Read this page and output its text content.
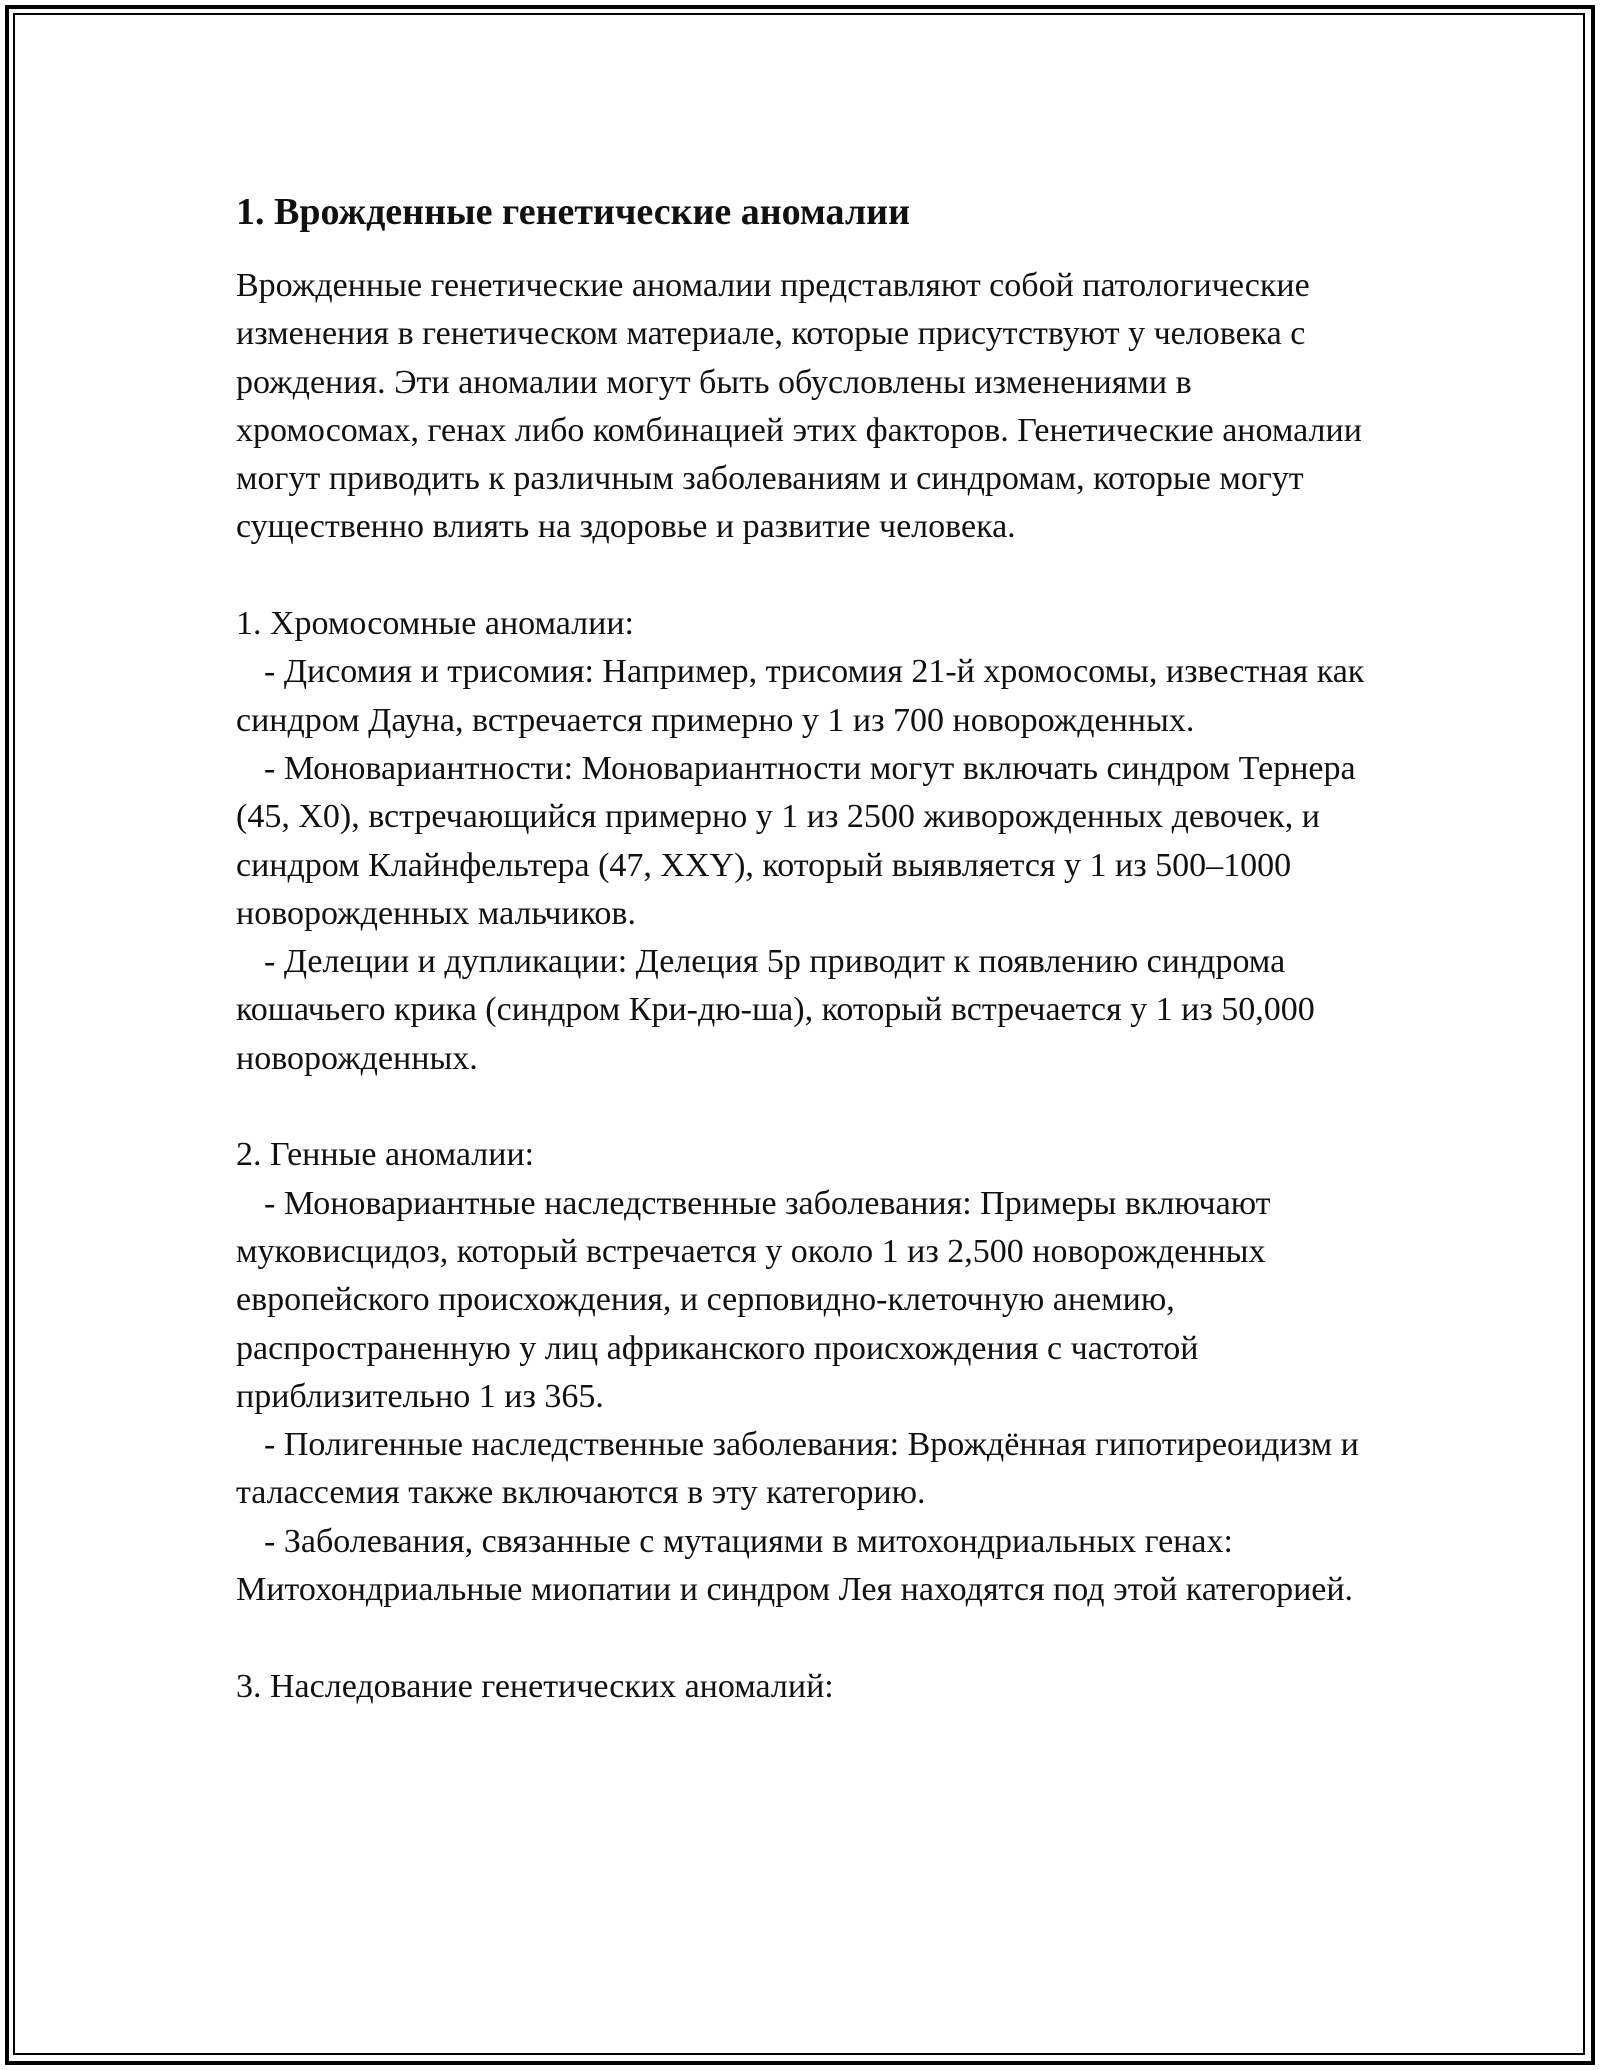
1. Врожденные генетические аномалии

Врожденные генетические аномалии представляют собой патологические изменения в генетическом материале, которые присутствуют у человека с рождения. Эти аномалии могут быть обусловлены изменениями в хромосомах, генах либо комбинацией этих факторов. Генетические аномалии могут приводить к различным заболеваниям и синдромам, которые могут существенно влиять на здоровье и развитие человека.

1. Хромосомные аномалии:

- Дисомия и трисомия: Например, трисомия 21-й хромосомы, известная как синдром Дауна, встречается примерно у 1 из 700 новорожденных.

- Моновариантности: Моновариантности могут включать синдром Тернера (45, X0), встречающийся примерно у 1 из 2500 живорожденных девочек, и синдром Клайнфельтера (47, XXY), который выявляется у 1 из 500–1000 новорожденных мальчиков.

- Делеции и дупликации: Делеция 5p приводит к появлению синдрома кошачьего крика (синдром Кри-дю-ша), который встречается у 1 из 50,000 новорожденных.

2. Генные аномалии:

- Моновариантные наследственные заболевания: Примеры включают муковисцидоз, который встречается у около 1 из 2,500 новорожденных европейского происхождения, и серповидно-клеточную анемию, распространенную у лиц африканского происхождения с частотой приблизительно 1 из 365.

- Полигенные наследственные заболевания: Врождённая гипотиреоидизм и талассемия также включаются в эту категорию.

- Заболевания, связанные с мутациями в митохондриальных генах: Митохондриальные миопатии и синдром Лея находятся под этой категорией.

3. Наследование генетических аномалий:
